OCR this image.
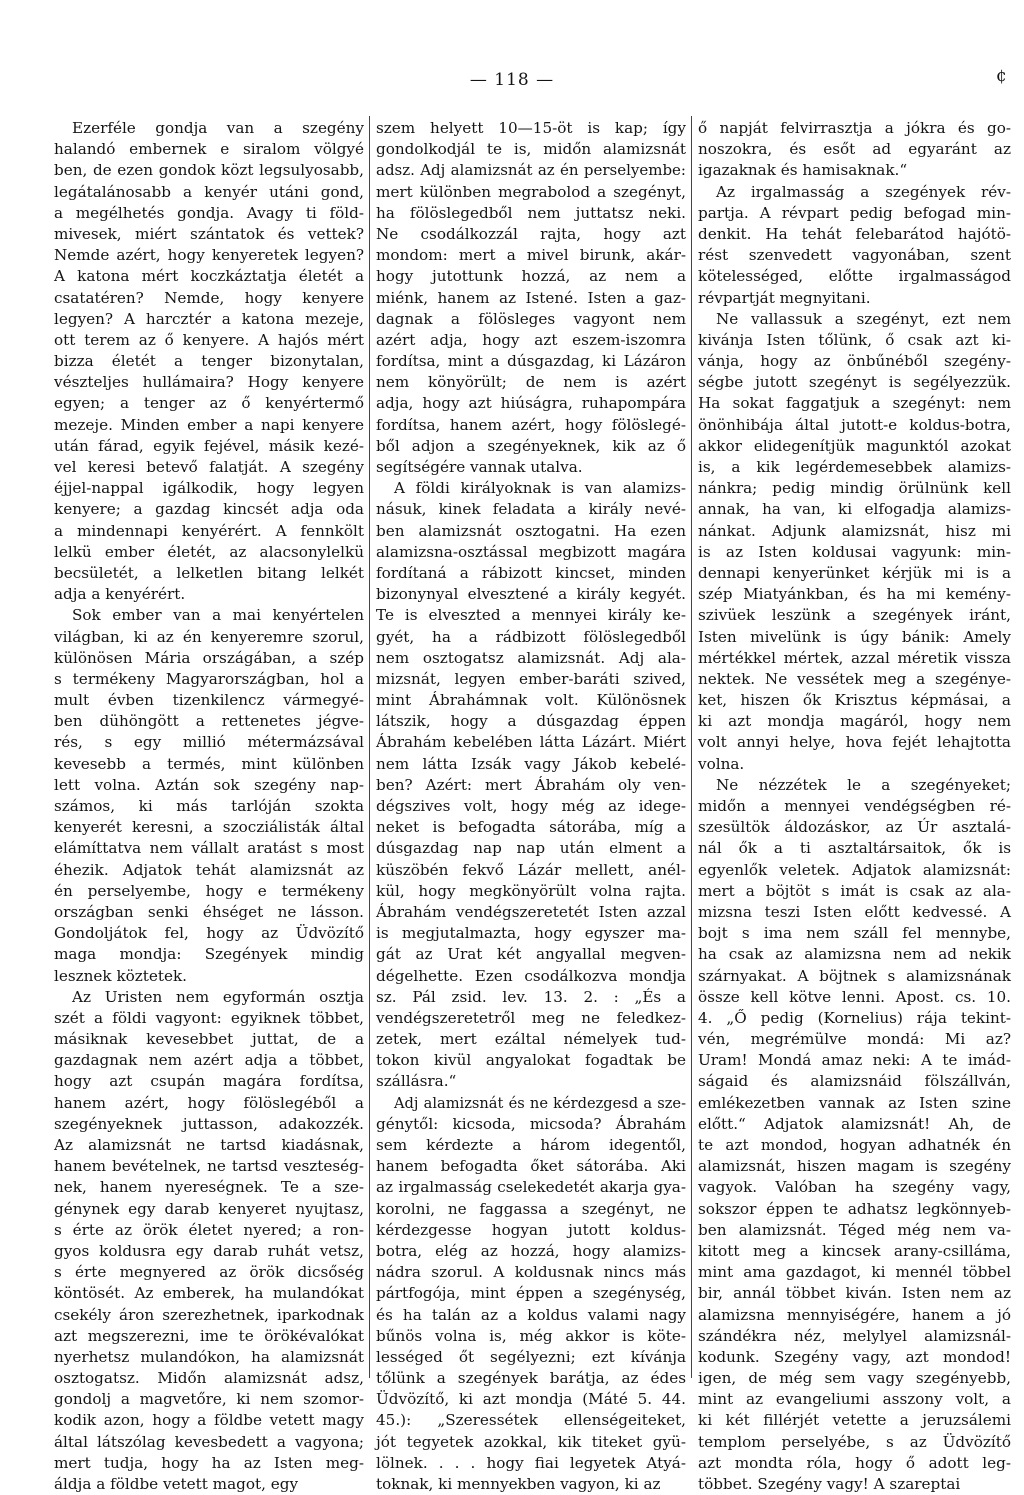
— 118 —	¢
Ezerféle gondja van a szegény
halandó embernek e siralom völgyé
ben, de ezen gondok közt legsulyosabb,
legátalánosabb a kenyér utáni gond,
a megélhetés gondja. Avagy ti föld-
mivesek, miért szántatok és vettek?
Nemde azért, hogy kenyeretek legyen?
A katona mért koczkáztatja életét a
csatatéren? Nemde, hogy kenyere
legyen? A harcztér a katona mezeje,
ott terem az ő kenyere. A hajós mért
bizza életét a tenger bizonytalan,
vészteljes hullámaira? Hogy kenyere
egyen; a tenger az ő kenyértermő
mezeje. Minden ember a napi kenyere
után fárad, egyik fejével, másik kezé-
vel keresi betevő falatját. A szegény
éjjel-nappal igálkodik, hogy legyen
kenyere; a gazdag kincsét adja oda
a mindennapi kenyérért. A fennkölt
lelkü ember életét, az alacsonylelkü
becsületét, a lelketlen bitang lelkét
adja a kenyérért.
Sok ember van a mai kenyértelen
világban, ki az én kenyeremre szorul,
különösen Mária országában, a szép
s termékeny Magyarországban, hol a
mult évben tizenkilencz vármegyé-
ben dühöngött a rettenetes jégve-
rés, s egy millió métermázsával
kevesebb a termés, mint különben
lett volna. Aztán sok szegény nap-
számos, ki más tarlóján szokta
kenyerét keresni, a szocziálisták által
elámíttatva nem vállalt aratást s most
éhezik. Adjatok tehát alamizsnát az
én perselyembe, hogy e termékeny
országban senki éhséget ne lásson.
Gondoljátok fel, hogy az Üdvözítő
maga mondja: Szegények mindig
lesznek köztetek.
Az Uristen nem egyformán osztja
szét a földi vagyont: egyiknek többet,
másiknak kevesebbet juttat, de a
gazdagnak nem azért adja a többet,
hogy azt csupán magára fordítsa,
hanem azért, hogy fölöslegéből a
szegényeknek juttasson, adakozzék.
Az alamizsnát ne tartsd kiadásnak,
hanem bevételnek, ne tartsd veszteség-
nek, hanem nyereségnek. Te a sze-
génynek egy darab kenyeret nyujtasz,
s érte az örök életet nyered; a ron-
gyos koldusra egy darab ruhát vetsz,
s érte megnyered az örök dicsőség
köntösét. Az emberek, ha mulandókat
csekély áron szerezhetnek, iparkodnak
azt megszerezni, ime te örökévalókat
nyerhetsz mulandókon, ha alamizsnát
osztogatsz. Midőn alamizsnát adsz,
gondolj a magvetőre, ki nem szomor-
kodik azon, hogy a földbe vetett magy
által látszólag kevesbedett a vagyona;
mert tudja, hogy ha az Isten meg-
áldja a földbe vetett magot, egy
szem helyett 10—15-öt is kap; így
gondolkodjál te is, midőn alamizsnát
adsz. Adj alamizsnát az én perselyembe:
mert különben megrabolod a szegényt,
ha fölöslegedből nem juttatsz neki.
Ne csodálkozzál rajta, hogy azt
mondom: mert a mivel birunk, akár-
hogy jutottunk hozzá, az nem a
miénk, hanem az Istené. Isten a gaz-
dagnak a fölösleges vagyont nem
azért adja, hogy azt eszem-iszomra
fordítsa, mint a dúsgazdag, ki Lázáron
nem könyörült; de nem is azért
adja, hogy azt hiúságra, ruhapompára
fordítsa, hanem azért, hogy fölöslegé-
ből adjon a szegényeknek, kik az ő
segítségére vannak utalva.
A földi királyoknak is van alamizs-
násuk, kinek feladata a király nevé-
ben alamizsnát osztogatni. Ha ezen
alamizsna-osztással megbizott magára
fordítaná a rábizott kincset, minden
bizonynyal elvesztené a király kegyét.
Te is elveszted a mennyei király ke-
gyét, ha a rádbizott fölöslegedből
nem osztogatsz alamizsnát. Adj ala-
mizsnát, legyen ember-baráti szived,
mint Ábrahámnak volt. Különösnek
látszik, hogy a dúsgazdag éppen
Ábrahám kebelében látta Lázárt. Miért
nem látta Izsák vagy Jákob kebelé-
ben? Azért: mert Ábrahám oly ven-
dégszives volt, hogy még az idege-
neket is befogadta sátorába, míg a
dúsgazdag nap nap után elment a
küszöbén fekvő Lázár mellett, anél-
kül, hogy megkönyörült volna rajta.
Ábrahám vendégszeretetét Isten azzal
is megjutalmazta, hogy egyszer ma-
gát az Urat két angyallal megven-
dégelhette. Ezen csodálkozva mondja
sz. Pál zsid. lev. 13. 2. : „És a
vendégszeretetről meg ne feledkez-
zetek, mert ezáltal némelyek tud-
tokon kivül angyalokat fogadtak be
szállásra.“
Adj alamizsnát és ne kérdezgesd a sze-
génytől: kicsoda, micsoda? Ábrahám
sem kérdezte a három idegentől,
hanem befogadta őket sátorába. Aki
az irgalmasság cselekedetét akarja gya-
korolni, ne faggassa a szegényt, ne
kérdezgesse hogyan jutott koldus-
botra, elég az hozzá, hogy alamizs-
nádra szorul. A koldusnak nincs más
pártfogója, mint éppen a szegénység,
és ha talán az a koldus valami nagy
bűnös volna is, még akkor is köte-
lességed őt segélyezni; ezt kívánja
tőlünk a szegények barátja, az édes
Üdvözítő, ki azt mondja (Máté 5. 44.
45.): „Szeressétek ellenségeiteket,
jót tegyetek azokkal, kik titeket gyü-
lölnek. . . . hogy fiai legyetek Atyá-
toknak, ki mennyekben vagyon, ki az
ő napját felvirrasztja a jókra és go-
noszokra, és esőt ad egyaránt az
igazaknak és hamisaknak.“
Az irgalmasság a szegények rév-
partja. A révpart pedig befogad min-
denkit. Ha tehát felebarátod hajótö-
rést szenvedett vagyonában, szent
kötelességed, előtte irgalmasságod
révpartját megnyitani.
Ne vallassuk a szegényt, ezt nem
kivánja Isten tőlünk, ő csak azt ki-
vánja, hogy az önbűnéből szegény-
ségbe jutott szegényt is segélyezzük.
Ha sokat faggatjuk a szegényt: nem
önönhibája által jutott-e koldus-botra,
akkor elidegenítjük magunktól azokat
is, a kik legérdemesebbek alamizs-
nánkra; pedig mindig örülnünk kell
annak, ha van, ki elfogadja alamizs-
nánkat. Adjunk alamizsnát, hisz mi
is az Isten koldusai vagyunk: min-
dennapi kenyerünket kérjük mi is a
szép Miatyánkban, és ha mi kemény-
szivüek leszünk a szegények iránt,
Isten mivelünk is úgy bánik: Amely
mértékkel mértek, azzal méretik vissza
nektek. Ne vessétek meg a szegénye-
ket, hiszen ők Krisztus képmásai, a
ki azt mondja magáról, hogy nem
volt annyi helye, hova fejét lehajtotta
volna.
Ne nézzétek le a szegényeket;
midőn a mennyei vendégségben ré-
szesültök áldozáskor, az Úr asztalá-
nál ők a ti asztaltársaitok, ők is
egyenlők veletek. Adjatok alamizsnát:
mert a böjtöt s imát is csak az ala-
mizsna teszi Isten előtt kedvessé. A
bojt s ima nem száll fel mennybe,
ha csak az alamizsna nem ad nekik
szárnyakat. A böjtnek s alamizsnának
össze kell kötve lenni. Apost. cs. 10.
4. „Ő pedig (Kornelius) rája tekint-
vén, megrémülve mondá: Mi az?
Uram! Mondá amaz neki: A te imád-
ságaid és alamizsnáid fölszállván,
emlékezetben vannak az Isten szine
előtt.“ Adjatok alamizsnát! Ah, de
te azt mondod, hogyan adhatnék én
alamizsnát, hiszen magam is szegény
vagyok. Valóban ha szegény vagy,
sokszor éppen te adhatsz legkönnyeb-
ben alamizsnát. Téged még nem va-
kitott meg a kincsek arany-csilláma,
mint ama gazdagot, ki mennél többel
bir, annál többet kiván. Isten nem az
alamizsna mennyiségére, hanem a jó
szándékra néz, melylyel alamizsnál-
kodunk. Szegény vagy, azt mondod!
igen, de még sem vagy szegényebb,
mint az evangeliumi asszony volt, a
ki két fillérjét vetette a jeruzsálemi
templom perselyébe, s az Üdvözítő
azt mondta róla, hogy ő adott leg-
többet. Szegény vagy! A szareptai
